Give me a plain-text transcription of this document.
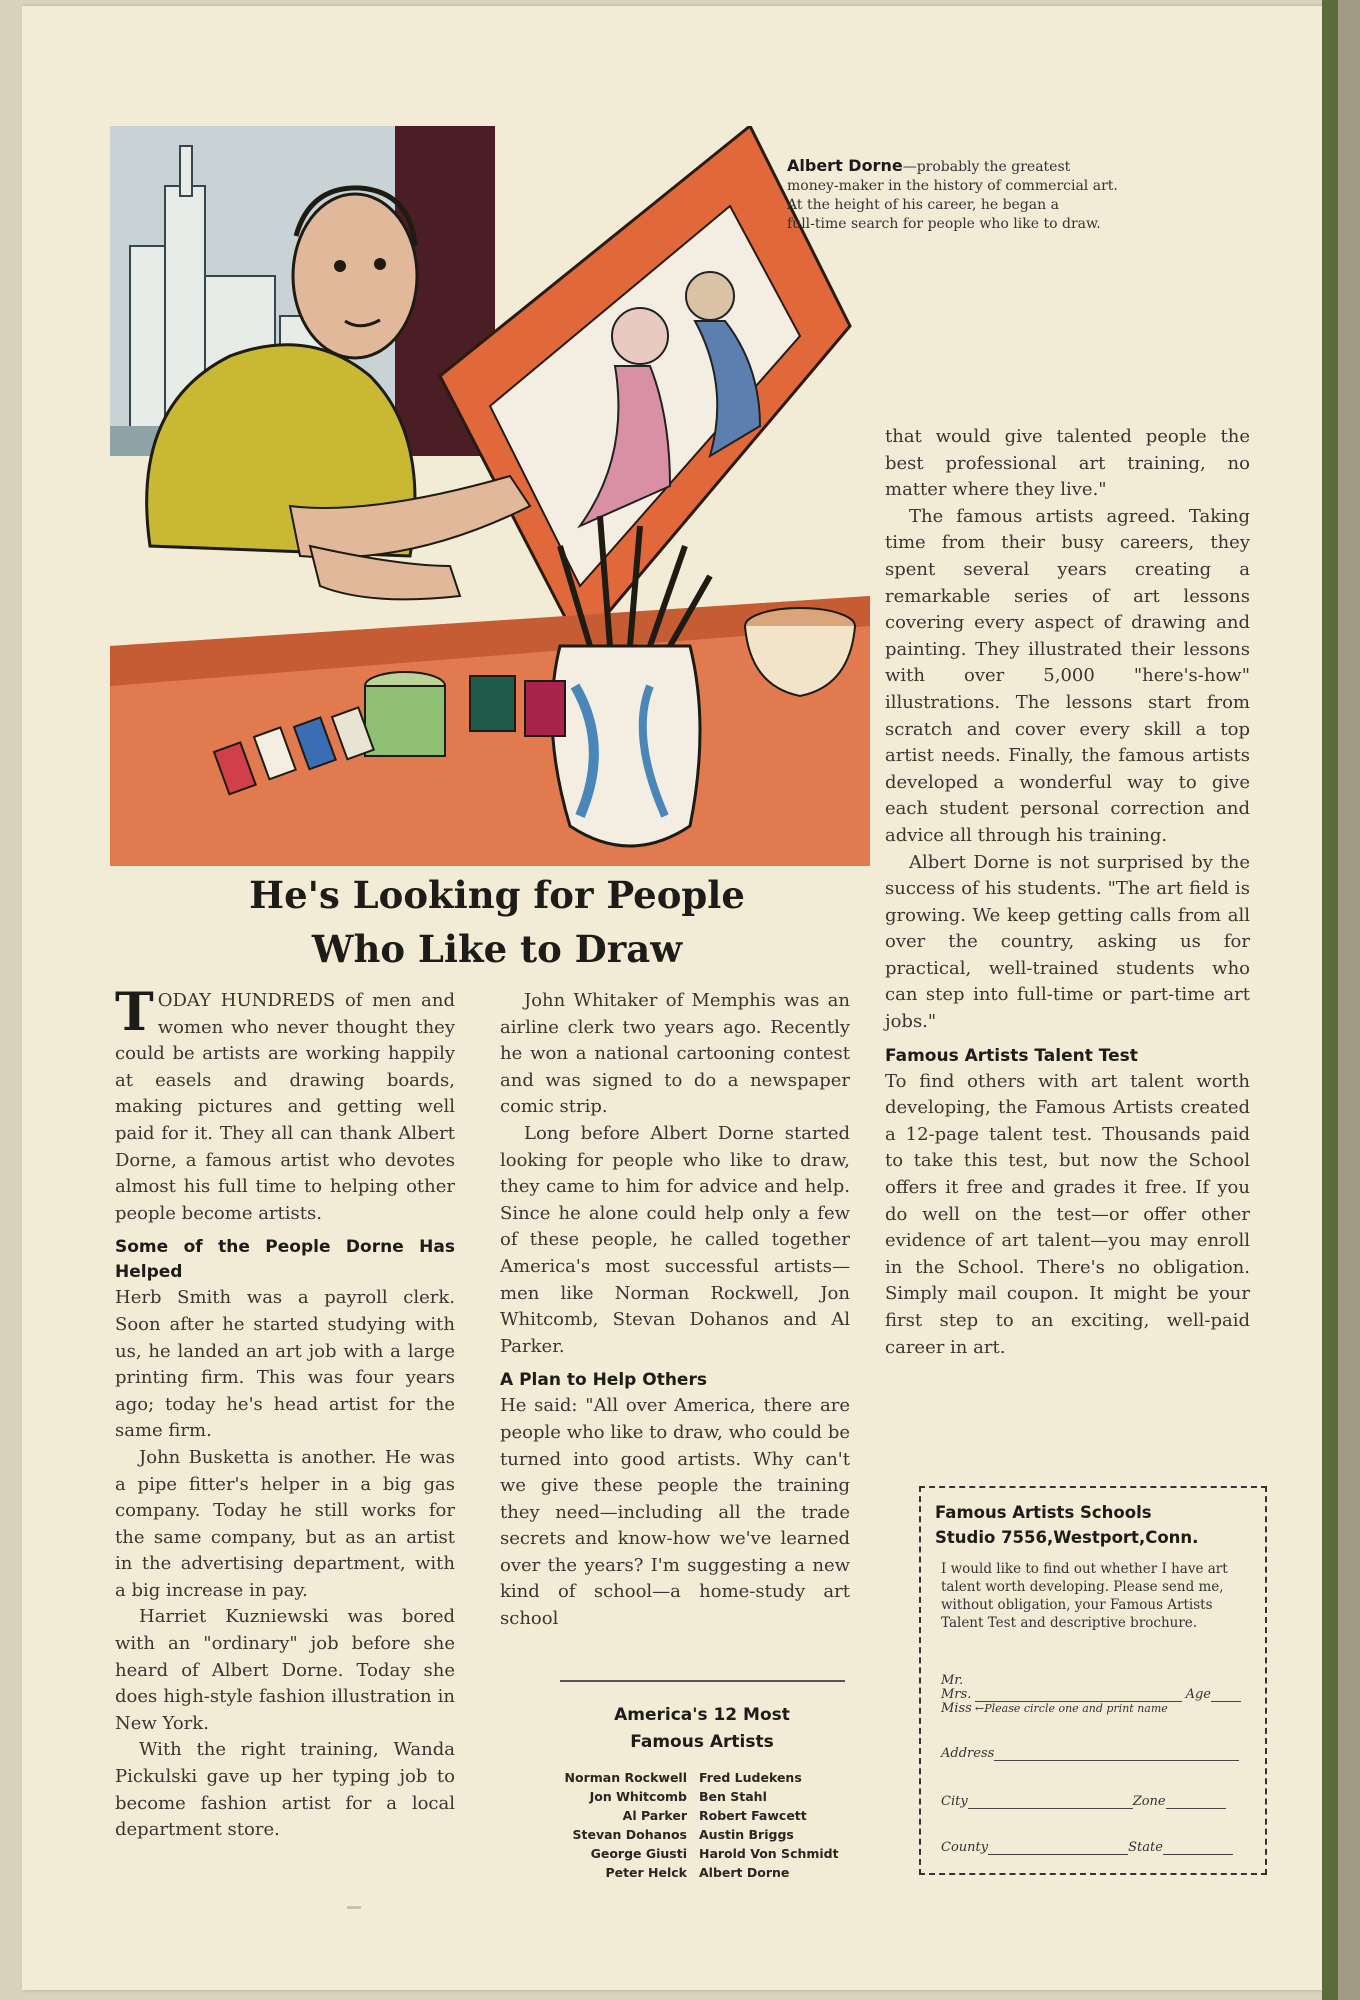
Albert Dorne—probably the greatest
money-maker in the history of commercial art.
At the height of his career, he began a
full-time search for people who like to draw.
He's Looking for People
Who Like to Draw

TODAY HUNDREDS of men and women who never thought they could be artists are working happily at easels and drawing boards, making pictures and getting well paid for it. They all can thank Albert Dorne, a famous artist who devotes almost his full time to helping other people become artists.

Some of the People Dorne Has Helped

Herb Smith was a payroll clerk. Soon after he started studying with us, he landed an art job with a large printing firm. This was four years ago; today he's head artist for the same firm.

John Busketta is another. He was a pipe fitter's helper in a big gas company. Today he still works for the same company, but as an artist in the advertising department, with a big increase in pay.

Harriet Kuzniewski was bored with an "ordinary" job before she heard of Albert Dorne. Today she does high-style fashion illustration in New York.

With the right training, Wanda Pickulski gave up her typing job to become fashion artist for a local department store.

John Whitaker of Memphis was an airline clerk two years ago. Recently he won a national cartooning contest and was signed to do a newspaper comic strip.

Long before Albert Dorne started looking for people who like to draw, they came to him for advice and help. Since he alone could help only a few of these people, he called together America's most successful artists—men like Norman Rockwell, Jon Whitcomb, Stevan Dohanos and Al Parker.

A Plan to Help Others

He said: "All over America, there are people who like to draw, who could be turned into good artists. Why can't we give these people the training they need—including all the trade secrets and know-how we've learned over the years? I'm suggesting a new kind of school—a home-study art school

America's 12 Most
Famous Artists
Norman Rockwell Fred Ludekens
Jon Whitcomb Ben Stahl
Al Parker Robert Fawcett
Stevan Dohanos Austin Briggs
George Giusti Harold Von Schmidt
Peter Helck Albert Dorne

that would give talented people the best professional art training, no matter where they live."

The famous artists agreed. Taking time from their busy careers, they spent several years creating a remarkable series of art lessons covering every aspect of drawing and painting. They illustrated their lessons with over 5,000 "here's-how" illustrations. The lessons start from scratch and cover every skill a top artist needs. Finally, the famous artists developed a wonderful way to give each student personal correction and advice all through his training.

Albert Dorne is not surprised by the success of his students. "The art field is growing. We keep getting calls from all over the country, asking us for practical, well-trained students who can step into full-time or part-time art jobs."

Famous Artists Talent Test

To find others with art talent worth developing, the Famous Artists created a 12-page talent test. Thousands paid to take this test, but now the School offers it free and grades it free. If you do well on the test—or offer other evidence of art talent—you may enroll in the School. There's no obligation. Simply mail coupon. It might be your first step to an exciting, well-paid career in art.

Famous Artists Schools
Studio 7556,Westport,Conn.
I would like to find out whether I have art talent worth developing. Please send me, without obligation, your Famous Artists Talent Test and descriptive brochure.
Mr.
Mrs.
Miss
Age
←Please circle one and print name
Address
City	Zone
County	State
